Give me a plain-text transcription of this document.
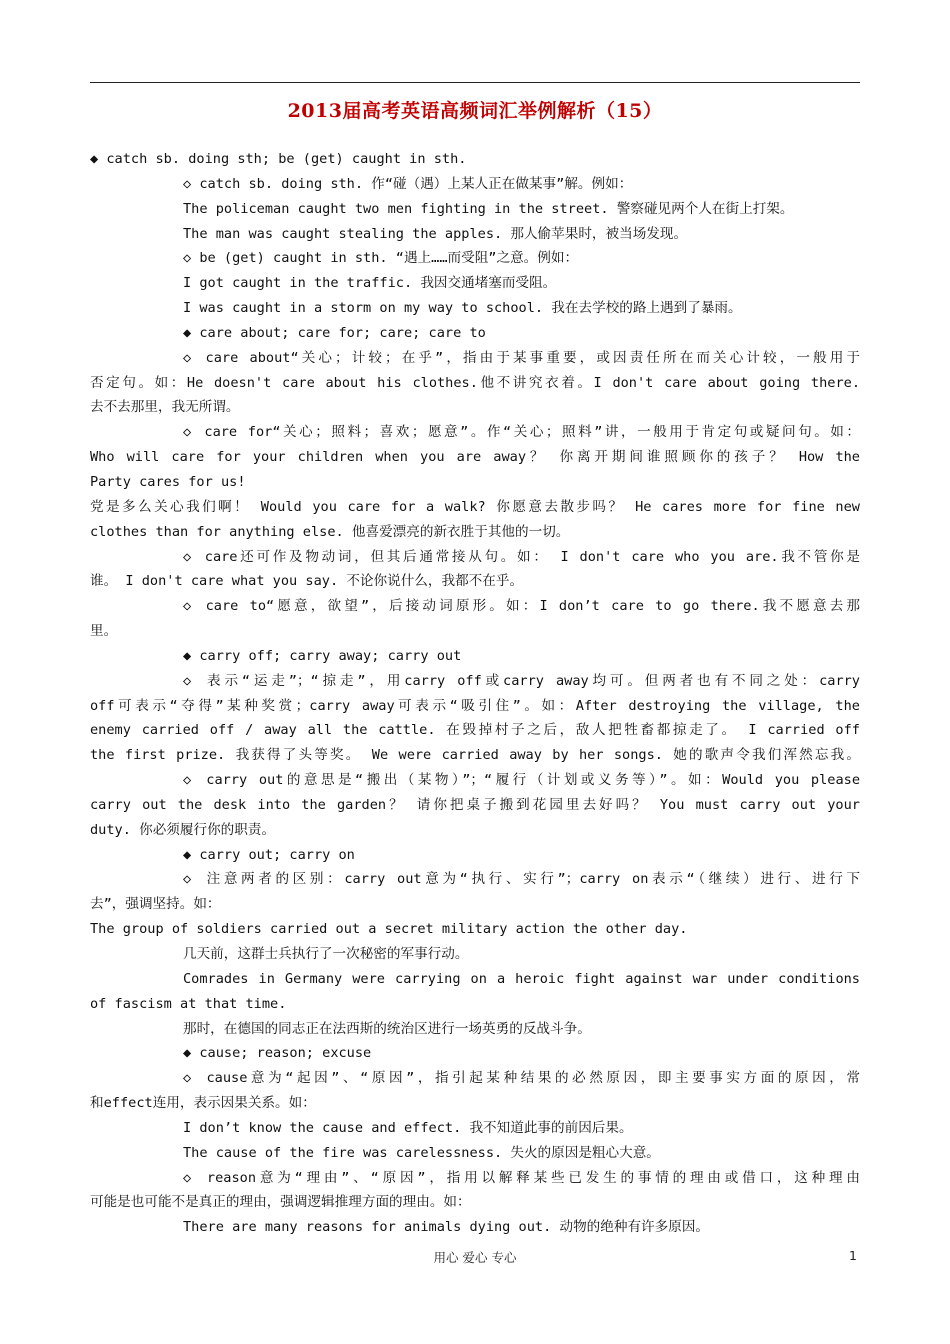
2013届高考英语高频词汇举例解析（15）
◆ catch sb. doing sth; be (get) caught in sth.
◇ catch sb. doing sth. 作“碰（遇）上某人正在做某事”解。例如：
The policeman caught two men fighting in the street. 警察碰见两个人在街上打架。
The man was caught stealing the apples. 那人偷苹果时，被当场发现。
◇ be (get) caught in sth. “遇上……而受阻”之意。例如：
I got caught in the traffic. 我因交通堵塞而受阻。
I was caught in a storm on my way to school. 我在去学校的路上遇到了暴雨。
◆ care about; care for; care; care to
◇ care about“关心；计较；在乎”，指由于某事重要，或因责任所在而关心计较，一般用于
否定句。如：He doesn't care about his clothes.他不讲究衣着。I don't care about going there.
去不去那里，我无所谓。
◇ care for“关心；照料；喜欢；愿意”。作“关心；照料”讲，一般用于肯定句或疑问句。如：
Who will care for your children when you are away？ 你离开期间谁照顾你的孩子？ How the
Party cares for us!
党是多么关心我们啊！ Would you care for a walk? 你愿意去散步吗？ He cares more for fine new
clothes than for anything else. 他喜爱漂亮的新衣胜于其他的一切。
◇ care还可作及物动词，但其后通常接从句。如： I don't care who you are.我不管你是
谁。 I don't care what you say. 不论你说什么，我都不在乎。
◇ care to“愿意，欲望”，后接动词原形。如：I don’t care to go there.我不愿意去那
里。
◆ carry off; carry away; carry out
◇ 表示“运走”；“掠走”，用carry off或carry away均可。但两者也有不同之处：carry
off可表示“夺得”某种奖赏；carry away可表示“吸引住”。如：After destroying the village, the
enemy carried off / away all the cattle. 在毁掉村子之后，敌人把牲畜都掠走了。 I carried off
the first prize. 我获得了头等奖。 We were carried away by her songs. 她的歌声令我们浑然忘我。
◇ carry out的意思是“搬出（某物）”；“履行（计划或义务等）”。如：Would you please
carry out the desk into the garden？ 请你把桌子搬到花园里去好吗？ You must carry out your
duty. 你必须履行你的职责。
◆ carry out; carry on
◇ 注意两者的区别：carry out意为“执行、实行”；carry on表示“（继续）进行、进行下
去”，强调坚持。如：
The group of soldiers carried out a secret military action the other day.
几天前，这群士兵执行了一次秘密的军事行动。
Comrades in Germany were carrying on a heroic fight against war under conditions
of fascism at that time.
那时，在德国的同志正在法西斯的统治区进行一场英勇的反战斗争。
◆ cause; reason; excuse
◇ cause意为“起因”、“原因”，指引起某种结果的必然原因，即主要事实方面的原因，常
和effect连用，表示因果关系。如：
I don’t know the cause and effect. 我不知道此事的前因后果。
The cause of the fire was carelessness. 失火的原因是粗心大意。
◇ reason意为“理由”、“原因”，指用以解释某些已发生的事情的理由或借口，这种理由
可能是也可能不是真正的理由，强调逻辑推理方面的理由。如：
There are many reasons for animals dying out. 动物的绝种有许多原因。
用心 爱心 专心	1
